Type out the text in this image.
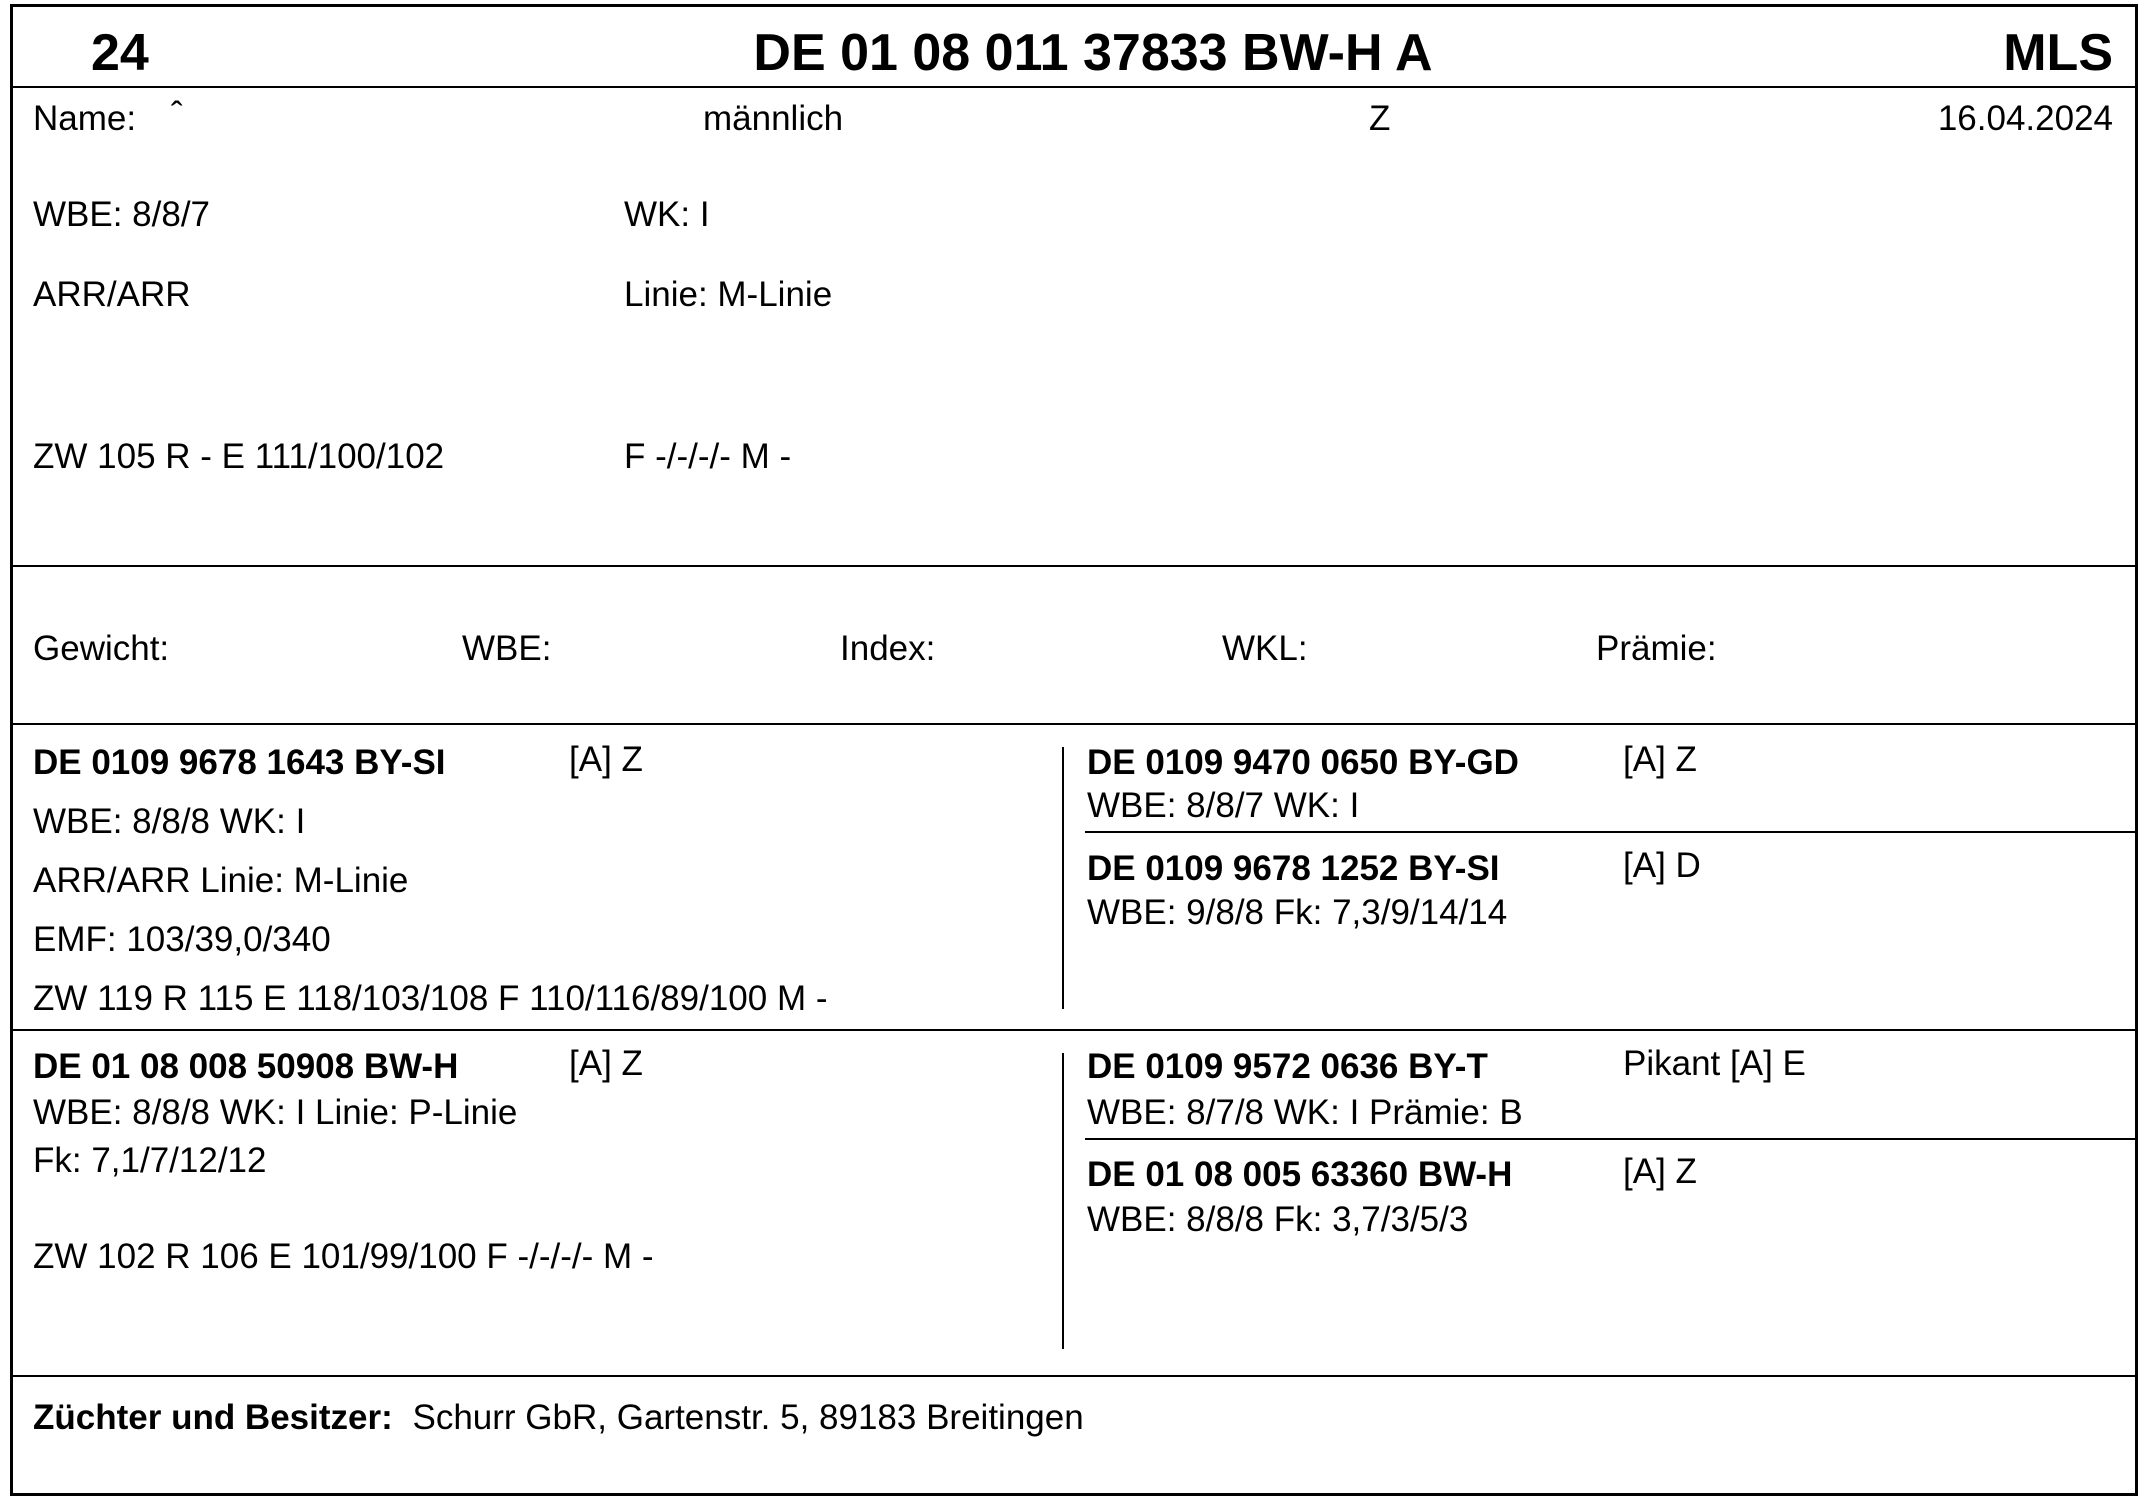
24	DE 01 08 011 37833 BW-H A	MLS
Name: ˆ	männlich	Z	16.04.2024
WBE: 8/8/7	WK: I
ARR/ARR	Linie: M-Linie
ZW 105 R - E 111/100/102	F -/-/-/- M -
Gewicht:	WBE:	Index:	WKL:	Prämie:
DE 0109 9678 1643 BY-SI	[A] Z
WBE: 8/8/8 WK: I
ARR/ARR Linie: M-Linie
EMF: 103/39,0/340
ZW 119 R 115 E 118/103/108 F 110/116/89/100 M -
DE 0109 9470 0650 BY-GD	[A] Z
WBE: 8/8/7 WK: I
DE 0109 9678 1252 BY-SI	[A] D
WBE: 9/8/8 Fk: 7,3/9/14/14
DE 01 08 008 50908 BW-H	[A] Z
WBE: 8/8/8 WK: I Linie: P-Linie
Fk: 7,1/7/12/12
ZW 102 R 106 E 101/99/100 F -/-/-/- M -
DE 0109 9572 0636 BY-T	Pikant [A] E
WBE: 8/7/8 WK: I Prämie: B
DE 01 08 005 63360 BW-H	[A] Z
WBE: 8/8/8 Fk: 3,7/3/5/3
Züchter und Besitzer: Schurr GbR, Gartenstr. 5, 89183 Breitingen
